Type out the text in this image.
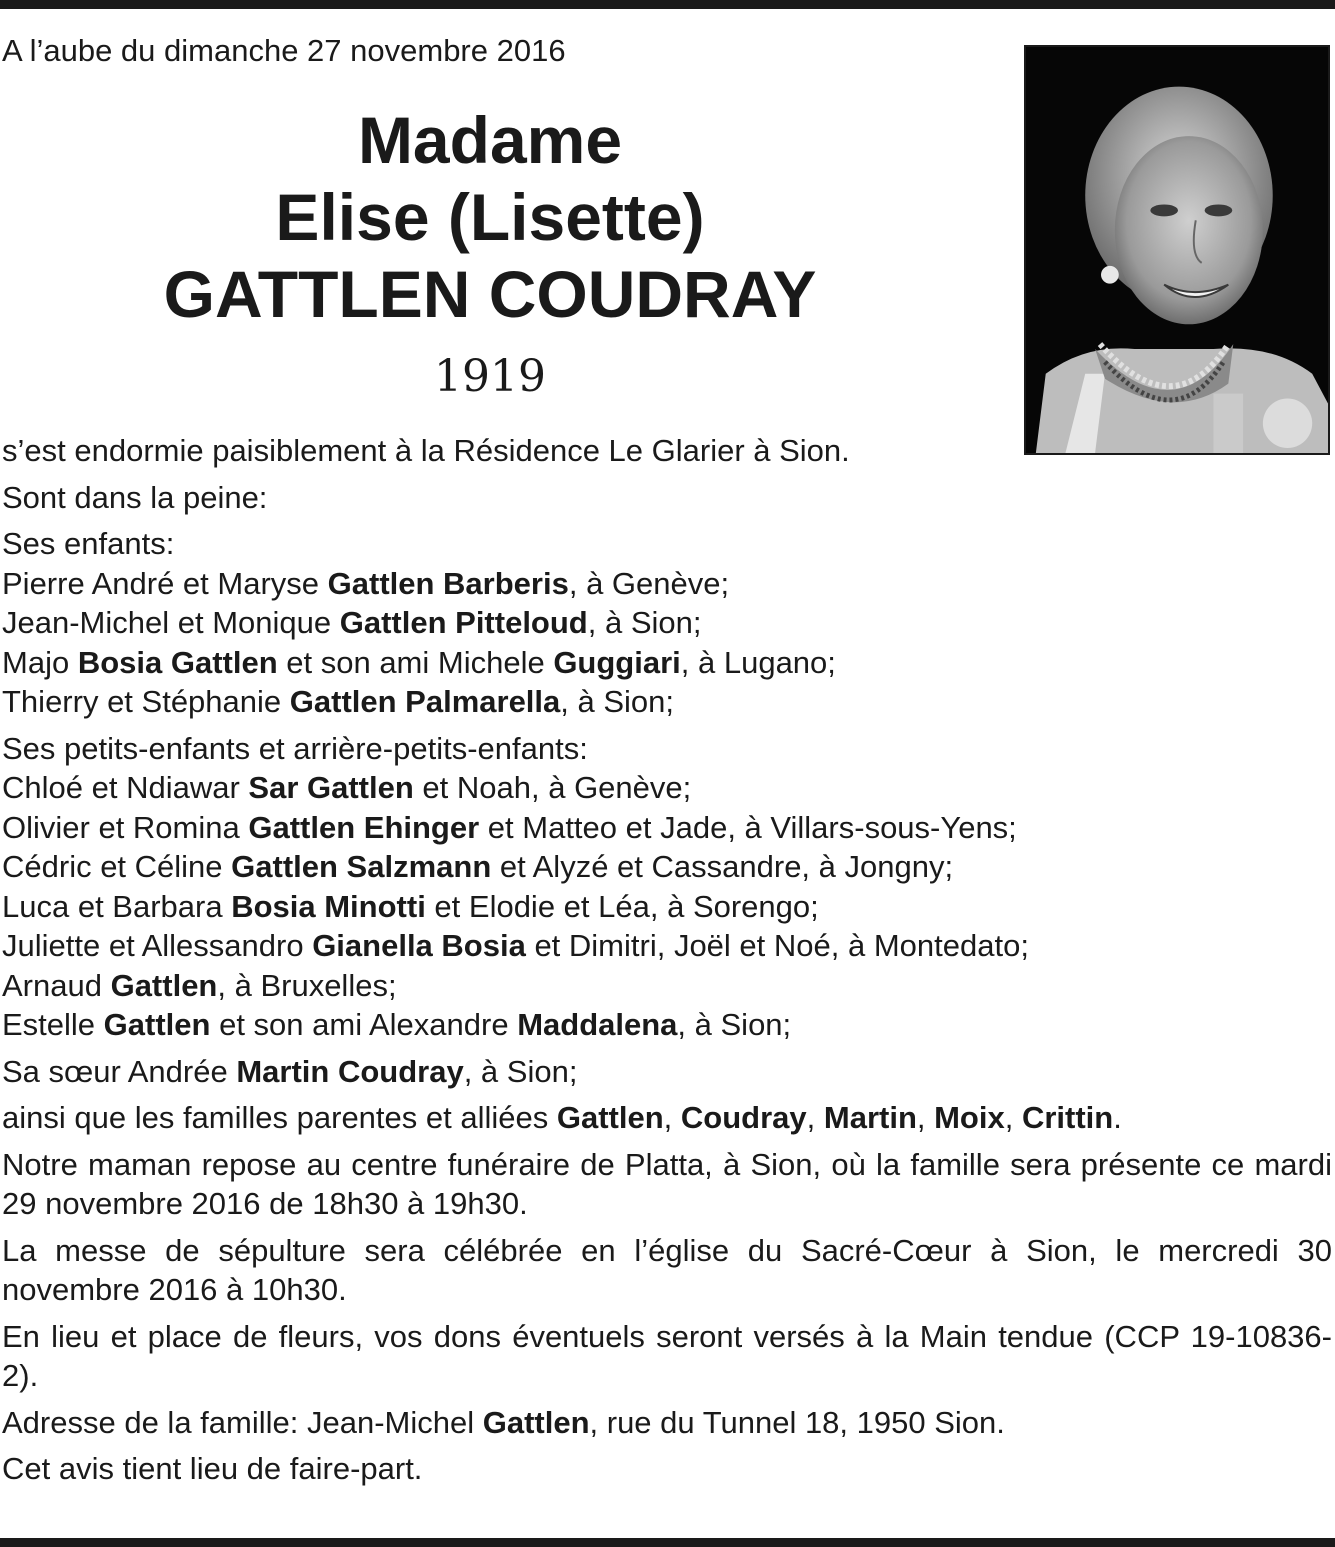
A l’aube du dimanche 27 novembre 2016
Madame
Elise (Lisette)
GATTLEN COUDRAY
1919

s’est endormie paisiblement à la Résidence Le Glarier à Sion.

Sont dans la peine:

Ses enfants:
Pierre André et Maryse Gattlen Barberis, à Genève;
Jean-Michel et Monique Gattlen Pitteloud, à Sion;
Majo Bosia Gattlen et son ami Michele Guggiari, à Lugano;
Thierry et Stéphanie Gattlen Palmarella, à Sion;

Ses petits-enfants et arrière-petits-enfants:
Chloé et Ndiawar Sar Gattlen et Noah, à Genève;
Olivier et Romina Gattlen Ehinger et Matteo et Jade, à Villars-sous-Yens;
Cédric et Céline Gattlen Salzmann et Alyzé et Cassandre, à Jongny;
Luca et Barbara Bosia Minotti et Elodie et Léa, à Sorengo;
Juliette et Allessandro Gianella Bosia et Dimitri, Joël et Noé, à Montedato;
Arnaud Gattlen, à Bruxelles;
Estelle Gattlen et son ami Alexandre Maddalena, à Sion;

Sa sœur Andrée Martin Coudray, à Sion;

ainsi que les familles parentes et alliées Gattlen, Coudray, Martin, Moix, Crittin.

Notre maman repose au centre funéraire de Platta, à Sion, où la famille sera présente ce mardi 29 novembre 2016 de 18h30 à 19h30.

La messe de sépulture sera célébrée en l’église du Sacré-Cœur à Sion, le mercredi 30 novembre 2016 à 10h30.

En lieu et place de fleurs, vos dons éventuels seront versés à la Main tendue (CCP 19-10836- 2).

Adresse de la famille: Jean-Michel Gattlen, rue du Tunnel 18, 1950 Sion.

Cet avis tient lieu de faire-part.
